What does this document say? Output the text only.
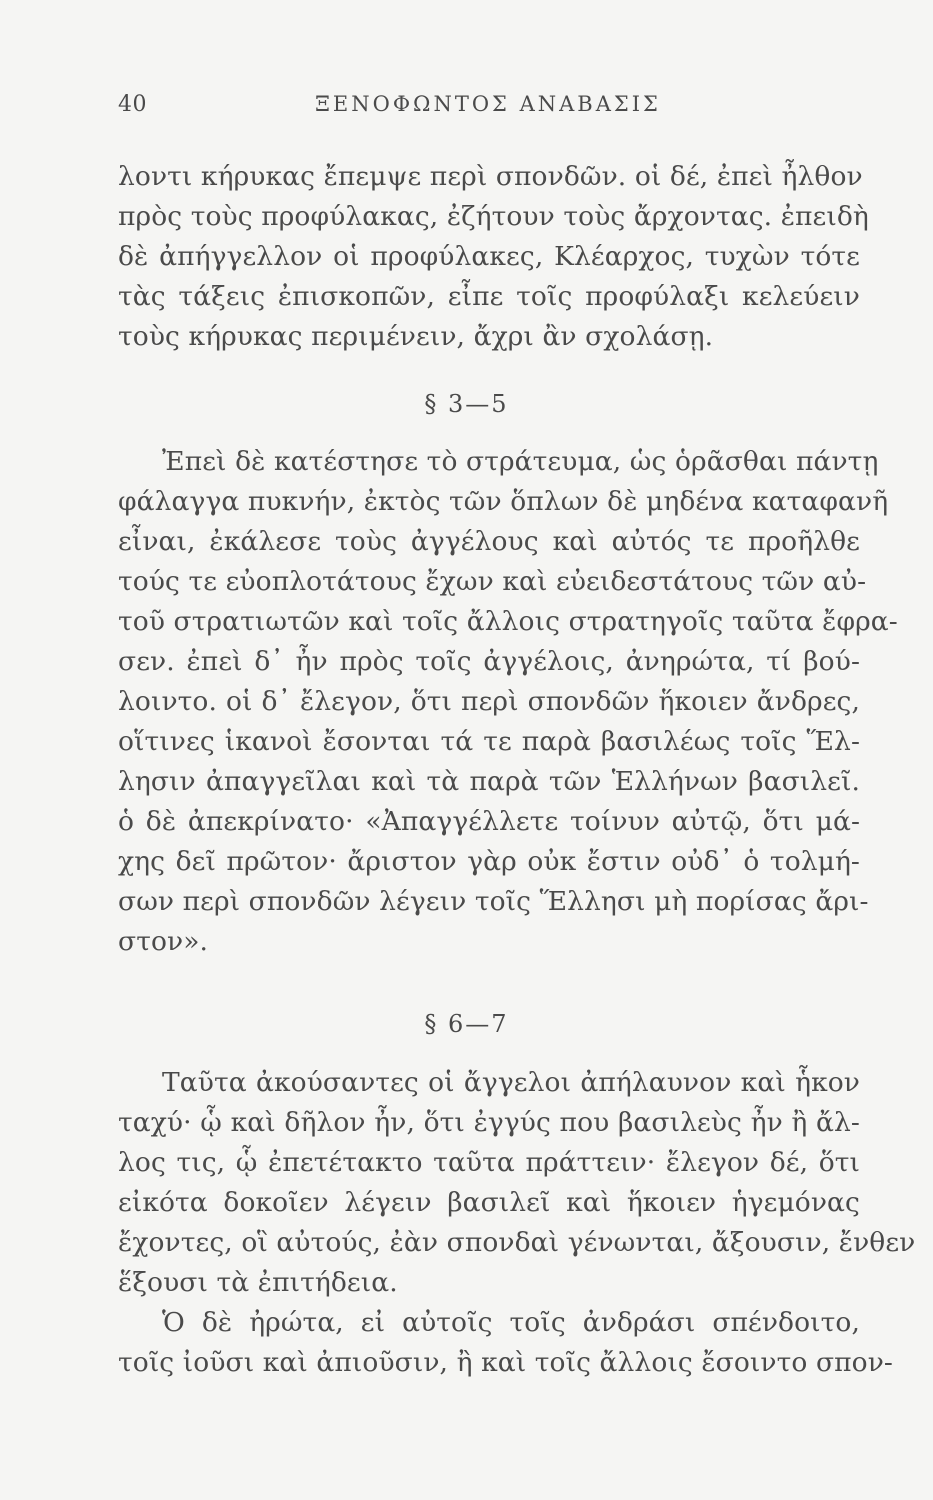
40	ΞΕΝΟΦΩΝΤΟΣ ΑΝΑΒΑΣΙΣ
λοντι κήρυκας ἔπεμψε περὶ σπονδῶν. οἱ δέ, ἐπεὶ ἦλθον
πρὸς τοὺς προφύλακας, ἐζήτουν τοὺς ἄρχοντας. ἐπειδὴ
δὲ ἀπήγγελλον οἱ προφύλακες, Κλέαρχος, τυχὼν τότε
τὰς τάξεις ἐπισκοπῶν, εἶπε τοῖς προφύλαξι κελεύειν
τοὺς κήρυκας περιμένειν, ἄχρι ἂν σχολάσῃ.
§ 3—5
Ἐπεὶ δὲ κατέστησε τὸ στράτευμα, ὡς ὁρᾶσθαι πάντῃ
φάλαγγα πυκνήν, ἐκτὸς τῶν ὅπλων δὲ μηδένα καταφανῆ
εἶναι, ἐκάλεσε τοὺς ἀγγέλους καὶ αὐτός τε προῆλθε
τούς τε εὐοπλοτάτους ἔχων καὶ εὐειδεστάτους τῶν αὐ-
τοῦ στρατιωτῶν καὶ τοῖς ἄλλοις στρατηγοῖς ταῦτα ἔφρα-
σεν. ἐπεὶ δ᾽ ἦν πρὸς τοῖς ἀγγέλοις, ἀνηρώτα, τί βού-
λοιντο. οἱ δ᾽ ἔλεγον, ὅτι περὶ σπονδῶν ἥκοιεν ἄνδρες,
οἵτινες ἱκανοὶ ἔσονται τά τε παρὰ βασιλέως τοῖς Ἕλ-
λησιν ἀπαγγεῖλαι καὶ τὰ παρὰ τῶν Ἑλλήνων βασιλεῖ.
ὁ δὲ ἀπεκρίνατο· «Ἀπαγγέλλετε τοίνυν αὐτῷ, ὅτι μά-
χης δεῖ πρῶτον· ἄριστον γὰρ οὐκ ἔστιν οὐδ᾽ ὁ τολμή-
σων περὶ σπονδῶν λέγειν τοῖς Ἕλλησι μὴ πορίσας ἄρι-
στον».
§ 6—7
Ταῦτα ἀκούσαντες οἱ ἄγγελοι ἀπήλαυνον καὶ ἧκον
ταχύ· ᾧ καὶ δῆλον ἦν, ὅτι ἐγγύς που βασιλεὺς ἦν ἢ ἄλ-
λος τις, ᾧ ἐπετέτακτο ταῦτα πράττειν· ἔλεγον δέ, ὅτι
εἰκότα δοκοῖεν λέγειν βασιλεῖ καὶ ἥκοιεν ἡγεμόνας
ἔχοντες, οἳ αὐτούς, ἐὰν σπονδαὶ γένωνται, ἄξουσιν, ἔνθεν
ἕξουσι τὰ ἐπιτήδεια.
Ὁ δὲ ἠρώτα, εἰ αὐτοῖς τοῖς ἀνδράσι σπένδοιτο,
τοῖς ἰοῦσι καὶ ἀπιοῦσιν, ἢ καὶ τοῖς ἄλλοις ἔσοιντο σπον-
